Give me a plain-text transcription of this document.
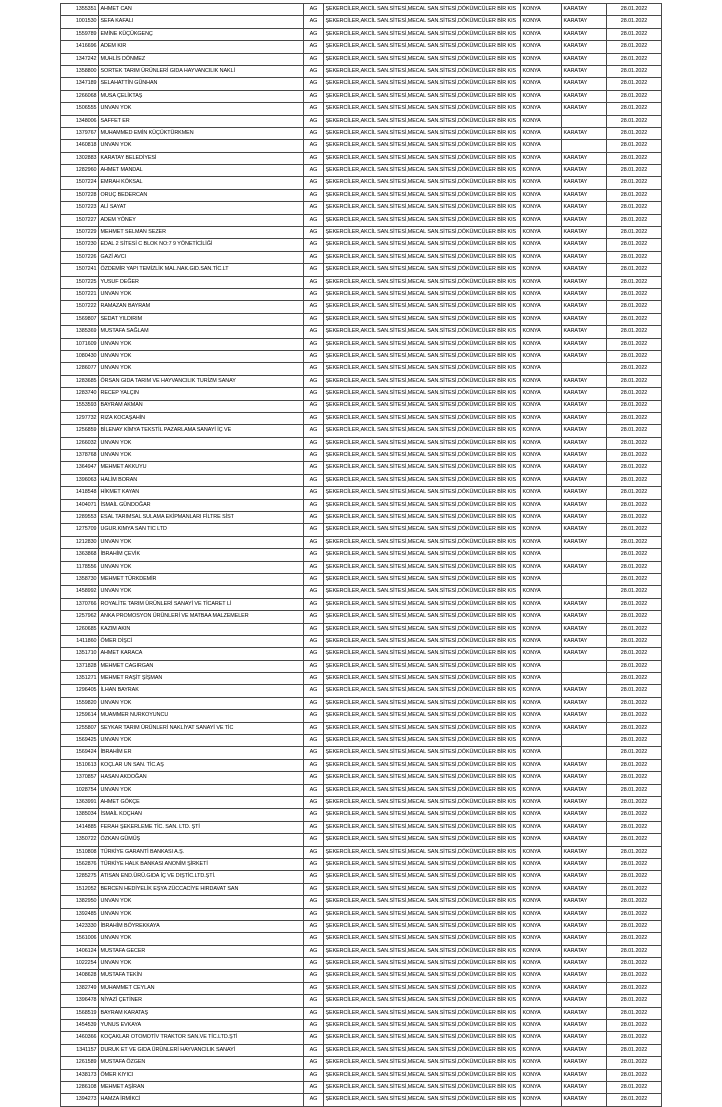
1355351	AHMET CAN	AG	ŞEKERCİLER,AKCİL SAN.SİTESİ,MECAL SAN.SİTESİ,DÖKÜMCÜLER BİR KIS	KONYA	KARATAY	28.01.2022
1001530	SEFA KAFALI	AG	ŞEKERCİLER,AKCİL SAN.SİTESİ,MECAL SAN.SİTESİ,DÖKÜMCÜLER BİR KIS	KONYA	KARATAY	28.01.2022
1559789	EMİNE KÜÇÜKGENÇ	AG	ŞEKERCİLER,AKCİL SAN.SİTESİ,MECAL SAN.SİTESİ,DÖKÜMCÜLER BİR KIS	KONYA	KARATAY	28.01.2022
1416696	ADEM KIR	AG	ŞEKERCİLER,AKCİL SAN.SİTESİ,MECAL SAN.SİTESİ,DÖKÜMCÜLER BİR KIS	KONYA	KARATAY	28.01.2022
1347242	MUHLİS DÖNMEZ	AG	ŞEKERCİLER,AKCİL SAN.SİTESİ,MECAL SAN.SİTESİ,DÖKÜMCÜLER BİR KIS	KONYA	KARATAY	28.01.2022
1358800	SORTEK TARIM ÜRÜNLERİ GIDA HAYVANCILIK NAKLİ	AG	ŞEKERCİLER,AKCİL SAN.SİTESİ,MECAL SAN.SİTESİ,DÖKÜMCÜLER BİR KIS	KONYA	KARATAY	28.01.2022
1347189	SELAHATTİN GÜNHAN	AG	ŞEKERCİLER,AKCİL SAN.SİTESİ,MECAL SAN.SİTESİ,DÖKÜMCÜLER BİR KIS	KONYA	KARATAY	28.01.2022
1266068	MUSA ÇELİKTAŞ	AG	ŞEKERCİLER,AKCİL SAN.SİTESİ,MECAL SAN.SİTESİ,DÖKÜMCÜLER BİR KIS	KONYA	KARATAY	28.01.2022
1506555	UNVAN YOK	AG	ŞEKERCİLER,AKCİL SAN.SİTESİ,MECAL SAN.SİTESİ,DÖKÜMCÜLER BİR KIS	KONYA	KARATAY	28.01.2022
1348006	SAFFET ER	AG	ŞEKERCİLER,AKCİL SAN.SİTESİ,MECAL SAN.SİTESİ,DÖKÜMCÜLER BİR KIS	KONYA		28.01.2022
1379767	MUHAMMED EMİN KÜÇÜKTÜRKMEN	AG	ŞEKERCİLER,AKCİL SAN.SİTESİ,MECAL SAN.SİTESİ,DÖKÜMCÜLER BİR KIS	KONYA	KARATAY	28.01.2022
1460818	UNVAN YOK	AG	ŞEKERCİLER,AKCİL SAN.SİTESİ,MECAL SAN.SİTESİ,DÖKÜMCÜLER BİR KIS	KONYA		28.01.2022
1302883	KARATAY BELEDİYESİ	AG	ŞEKERCİLER,AKCİL SAN.SİTESİ,MECAL SAN.SİTESİ,DÖKÜMCÜLER BİR KIS	KONYA	KARATAY	28.01.2022
1282960	AHMET MANDAL	AG	ŞEKERCİLER,AKCİL SAN.SİTESİ,MECAL SAN.SİTESİ,DÖKÜMCÜLER BİR KIS	KONYA	KARATAY	28.01.2022
1507224	EMRAH KÖKSAL	AG	ŞEKERCİLER,AKCİL SAN.SİTESİ,MECAL SAN.SİTESİ,DÖKÜMCÜLER BİR KIS	KONYA	KARATAY	28.01.2022
1507228	ORUÇ BEDERCAN	AG	ŞEKERCİLER,AKCİL SAN.SİTESİ,MECAL SAN.SİTESİ,DÖKÜMCÜLER BİR KIS	KONYA	KARATAY	28.01.2022
1507223	ALİ SAYAT	AG	ŞEKERCİLER,AKCİL SAN.SİTESİ,MECAL SAN.SİTESİ,DÖKÜMCÜLER BİR KIS	KONYA	KARATAY	28.01.2022
1507227	ADEM YÖNEY	AG	ŞEKERCİLER,AKCİL SAN.SİTESİ,MECAL SAN.SİTESİ,DÖKÜMCÜLER BİR KIS	KONYA	KARATAY	28.01.2022
1507229	MEHMET SELMAN SEZER	AG	ŞEKERCİLER,AKCİL SAN.SİTESİ,MECAL SAN.SİTESİ,DÖKÜMCÜLER BİR KIS	KONYA	KARATAY	28.01.2022
1507230	EDAL 2 SİTESİ C BLOK NO:7 9 YÖNETİCİLİĞİ	AG	ŞEKERCİLER,AKCİL SAN.SİTESİ,MECAL SAN.SİTESİ,DÖKÜMCÜLER BİR KIS	KONYA	KARATAY	28.01.2022
1507226	GAZİ AVCI	AG	ŞEKERCİLER,AKCİL SAN.SİTESİ,MECAL SAN.SİTESİ,DÖKÜMCÜLER BİR KIS	KONYA	KARATAY	28.01.2022
1507241	ÖZDEMİR YAPI TEMİZLİK MAL.NAK.GID.SAN.TİC.LT	AG	ŞEKERCİLER,AKCİL SAN.SİTESİ,MECAL SAN.SİTESİ,DÖKÜMCÜLER BİR KIS	KONYA	KARATAY	28.01.2022
1507225	YUSUF DEĞER	AG	ŞEKERCİLER,AKCİL SAN.SİTESİ,MECAL SAN.SİTESİ,DÖKÜMCÜLER BİR KIS	KONYA	KARATAY	28.01.2022
1507221	UNVAN YOK	AG	ŞEKERCİLER,AKCİL SAN.SİTESİ,MECAL SAN.SİTESİ,DÖKÜMCÜLER BİR KIS	KONYA	KARATAY	28.01.2022
1507222	RAMAZAN BAYRAM	AG	ŞEKERCİLER,AKCİL SAN.SİTESİ,MECAL SAN.SİTESİ,DÖKÜMCÜLER BİR KIS	KONYA	KARATAY	28.01.2022
1569807	SEDAT YILDIRIM	AG	ŞEKERCİLER,AKCİL SAN.SİTESİ,MECAL SAN.SİTESİ,DÖKÜMCÜLER BİR KIS	KONYA	KARATAY	28.01.2022
1385369	MUSTAFA SAĞLAM	AG	ŞEKERCİLER,AKCİL SAN.SİTESİ,MECAL SAN.SİTESİ,DÖKÜMCÜLER BİR KIS	KONYA	KARATAY	28.01.2022
1071609	UNVAN YOK	AG	ŞEKERCİLER,AKCİL SAN.SİTESİ,MECAL SAN.SİTESİ,DÖKÜMCÜLER BİR KIS	KONYA	KARATAY	28.01.2022
1080430	UNVAN YOK	AG	ŞEKERCİLER,AKCİL SAN.SİTESİ,MECAL SAN.SİTESİ,DÖKÜMCÜLER BİR KIS	KONYA	KARATAY	28.01.2022
1286077	UNVAN YOK	AG	ŞEKERCİLER,AKCİL SAN.SİTESİ,MECAL SAN.SİTESİ,DÖKÜMCÜLER BİR KIS	KONYA		28.01.2022
1283685	ÖRSAN GIDA TARIM VE HAYVANCILIK TURİZM SANAY	AG	ŞEKERCİLER,AKCİL SAN.SİTESİ,MECAL SAN.SİTESİ,DÖKÜMCÜLER BİR KIS	KONYA	KARATAY	28.01.2022
1283740	RECEP YALÇIN	AG	ŞEKERCİLER,AKCİL SAN.SİTESİ,MECAL SAN.SİTESİ,DÖKÜMCÜLER BİR KIS	KONYA	KARATAY	28.01.2022
1553593	BAYRAM AKMAN	AG	ŞEKERCİLER,AKCİL SAN.SİTESİ,MECAL SAN.SİTESİ,DÖKÜMCÜLER BİR KIS	KONYA	KARATAY	28.01.2022
1297732	RIZA KOCAŞAHİN	AG	ŞEKERCİLER,AKCİL SAN.SİTESİ,MECAL SAN.SİTESİ,DÖKÜMCÜLER BİR KIS	KONYA	KARATAY	28.01.2022
1256859	BİLENAY KİMYA TEKSTİL PAZARLAMA SANAYİ İÇ VE	AG	ŞEKERCİLER,AKCİL SAN.SİTESİ,MECAL SAN.SİTESİ,DÖKÜMCÜLER BİR KIS	KONYA	KARATAY	28.01.2022
1266032	UNVAN YOK	AG	ŞEKERCİLER,AKCİL SAN.SİTESİ,MECAL SAN.SİTESİ,DÖKÜMCÜLER BİR KIS	KONYA	KARATAY	28.01.2022
1378768	UNVAN YOK	AG	ŞEKERCİLER,AKCİL SAN.SİTESİ,MECAL SAN.SİTESİ,DÖKÜMCÜLER BİR KIS	KONYA	KARATAY	28.01.2022
1364947	MEHMET AKKUYU	AG	ŞEKERCİLER,AKCİL SAN.SİTESİ,MECAL SAN.SİTESİ,DÖKÜMCÜLER BİR KIS	KONYA	KARATAY	28.01.2022
1396063	HALİM BORAN	AG	ŞEKERCİLER,AKCİL SAN.SİTESİ,MECAL SAN.SİTESİ,DÖKÜMCÜLER BİR KIS	KONYA	KARATAY	28.01.2022
1418548	HİKMET KAYAN	AG	ŞEKERCİLER,AKCİL SAN.SİTESİ,MECAL SAN.SİTESİ,DÖKÜMCÜLER BİR KIS	KONYA	KARATAY	28.01.2022
1404071	İSMAİL GÜNDOĞAR	AG	ŞEKERCİLER,AKCİL SAN.SİTESİ,MECAL SAN.SİTESİ,DÖKÜMCÜLER BİR KIS	KONYA	KARATAY	28.01.2022
1289553	ESAL TARIMSAL SULAMA EKİPMANLARI FİLTRE SİST	AG	ŞEKERCİLER,AKCİL SAN.SİTESİ,MECAL SAN.SİTESİ,DÖKÜMCÜLER BİR KIS	KONYA	KARATAY	28.01.2022
1275709	UGUR.KIMYA SAN TIC LTD	AG	ŞEKERCİLER,AKCİL SAN.SİTESİ,MECAL SAN.SİTESİ,DÖKÜMCÜLER BİR KIS	KONYA	KARATAY	28.01.2022
1212830	UNVAN YOK	AG	ŞEKERCİLER,AKCİL SAN.SİTESİ,MECAL SAN.SİTESİ,DÖKÜMCÜLER BİR KIS	KONYA	KARATAY	28.01.2022
1363868	İBRAHİM ÇEVİK	AG	ŞEKERCİLER,AKCİL SAN.SİTESİ,MECAL SAN.SİTESİ,DÖKÜMCÜLER BİR KIS	KONYA		28.01.2022
1178556	UNVAN YOK	AG	ŞEKERCİLER,AKCİL SAN.SİTESİ,MECAL SAN.SİTESİ,DÖKÜMCÜLER BİR KIS	KONYA	KARATAY	28.01.2022
1358730	MEHMET TÜRKDEMİR	AG	ŞEKERCİLER,AKCİL SAN.SİTESİ,MECAL SAN.SİTESİ,DÖKÜMCÜLER BİR KIS	KONYA		28.01.2022
1458992	UNVAN YOK	AG	ŞEKERCİLER,AKCİL SAN.SİTESİ,MECAL SAN.SİTESİ,DÖKÜMCÜLER BİR KIS	KONYA		28.01.2022
1370766	ROYALİTE TARIM ÜRÜNLERİ SANAYİ VE TİCARET Lİ	AG	ŞEKERCİLER,AKCİL SAN.SİTESİ,MECAL SAN.SİTESİ,DÖKÜMCÜLER BİR KIS	KONYA	KARATAY	28.01.2022
1257962	ANKA PROMOSYON ÜRÜNLERİ VE MATBAA MALZEMELER	AG	ŞEKERCİLER,AKCİL SAN.SİTESİ,MECAL SAN.SİTESİ,DÖKÜMCÜLER BİR KIS	KONYA	KARATAY	28.01.2022
1260685	KAZIM AKIN	AG	ŞEKERCİLER,AKCİL SAN.SİTESİ,MECAL SAN.SİTESİ,DÖKÜMCÜLER BİR KIS	KONYA	KARATAY	28.01.2022
1411860	ÖMER DİŞCİ	AG	ŞEKERCİLER,AKCİL SAN.SİTESİ,MECAL SAN.SİTESİ,DÖKÜMCÜLER BİR KIS	KONYA	KARATAY	28.01.2022
1351710	AHMET KARACA	AG	ŞEKERCİLER,AKCİL SAN.SİTESİ,MECAL SAN.SİTESİ,DÖKÜMCÜLER BİR KIS	KONYA	KARATAY	28.01.2022
1371828	MEHMET CAGIRGAN	AG	ŞEKERCİLER,AKCİL SAN.SİTESİ,MECAL SAN.SİTESİ,DÖKÜMCÜLER BİR KIS	KONYA		28.01.2022
1351271	MEHMET RAŞİT ŞİŞMAN	AG	ŞEKERCİLER,AKCİL SAN.SİTESİ,MECAL SAN.SİTESİ,DÖKÜMCÜLER BİR KIS	KONYA		28.01.2022
1296405	İLHAN BAYRAK	AG	ŞEKERCİLER,AKCİL SAN.SİTESİ,MECAL SAN.SİTESİ,DÖKÜMCÜLER BİR KIS	KONYA	KARATAY	28.01.2022
1559820	UNVAN YOK	AG	ŞEKERCİLER,AKCİL SAN.SİTESİ,MECAL SAN.SİTESİ,DÖKÜMCÜLER BİR KIS	KONYA	KARATAY	28.01.2022
1259614	MUAMMER NURKOYUNCU	AG	ŞEKERCİLER,AKCİL SAN.SİTESİ,MECAL SAN.SİTESİ,DÖKÜMCÜLER BİR KIS	KONYA	KARATAY	28.01.2022
1255807	SEYKAR TARIM ÜRÜNLERİ NAKLİYAT SANAYİ VE TİC	AG	ŞEKERCİLER,AKCİL SAN.SİTESİ,MECAL SAN.SİTESİ,DÖKÜMCÜLER BİR KIS	KONYA	KARATAY	28.01.2022
1569425	UNVAN YOK	AG	ŞEKERCİLER,AKCİL SAN.SİTESİ,MECAL SAN.SİTESİ,DÖKÜMCÜLER BİR KIS	KONYA		28.01.2022
1569424	İBRAHİM ER	AG	ŞEKERCİLER,AKCİL SAN.SİTESİ,MECAL SAN.SİTESİ,DÖKÜMCÜLER BİR KIS	KONYA		28.01.2022
1510613	KOÇLAR UN SAN. TİC.AŞ	AG	ŞEKERCİLER,AKCİL SAN.SİTESİ,MECAL SAN.SİTESİ,DÖKÜMCÜLER BİR KIS	KONYA	KARATAY	28.01.2022
1370857	HASAN AKDOĞAN	AG	ŞEKERCİLER,AKCİL SAN.SİTESİ,MECAL SAN.SİTESİ,DÖKÜMCÜLER BİR KIS	KONYA	KARATAY	28.01.2022
1028754	UNVAN YOK	AG	ŞEKERCİLER,AKCİL SAN.SİTESİ,MECAL SAN.SİTESİ,DÖKÜMCÜLER BİR KIS	KONYA	KARATAY	28.01.2022
1363991	AHMET GÖKÇE	AG	ŞEKERCİLER,AKCİL SAN.SİTESİ,MECAL SAN.SİTESİ,DÖKÜMCÜLER BİR KIS	KONYA	KARATAY	28.01.2022
1385034	İSMAİL KOÇHAN	AG	ŞEKERCİLER,AKCİL SAN.SİTESİ,MECAL SAN.SİTESİ,DÖKÜMCÜLER BİR KIS	KONYA	KARATAY	28.01.2022
1414885	FERAH ŞEKERLEME TİC. SAN. LTD. ŞTİ	AG	ŞEKERCİLER,AKCİL SAN.SİTESİ,MECAL SAN.SİTESİ,DÖKÜMCÜLER BİR KIS	KONYA	KARATAY	28.01.2022
1350722	ÖZKAN GÜMÜŞ	AG	ŞEKERCİLER,AKCİL SAN.SİTESİ,MECAL SAN.SİTESİ,DÖKÜMCÜLER BİR KIS	KONYA	KARATAY	28.01.2022
1510808	TÜRKİYE GARANTİ BANKASI A.Ş.	AG	ŞEKERCİLER,AKCİL SAN.SİTESİ,MECAL SAN.SİTESİ,DÖKÜMCÜLER BİR KIS	KONYA	KARATAY	28.01.2022
1562876	TÜRKİYE HALK BANKASI ANONİM ŞİRKETİ	AG	ŞEKERCİLER,AKCİL SAN.SİTESİ,MECAL SAN.SİTESİ,DÖKÜMCÜLER BİR KIS	KONYA	KARATAY	28.01.2022
1285275	ATISAN END.ÜRÜ.GIDA İÇ VE DIŞTİC.LTD.ŞTİ.	AG	ŞEKERCİLER,AKCİL SAN.SİTESİ,MECAL SAN.SİTESİ,DÖKÜMCÜLER BİR KIS	KONYA	KARATAY	28.01.2022
1512052	BERCEN HEDİYELİK EŞYA ZÜCCACİYE HIRDAVAT SAN	AG	ŞEKERCİLER,AKCİL SAN.SİTESİ,MECAL SAN.SİTESİ,DÖKÜMCÜLER BİR KIS	KONYA	KARATAY	28.01.2022
1382950	UNVAN YOK	AG	ŞEKERCİLER,AKCİL SAN.SİTESİ,MECAL SAN.SİTESİ,DÖKÜMCÜLER BİR KIS	KONYA	KARATAY	28.01.2022
1392485	UNVAN YOK	AG	ŞEKERCİLER,AKCİL SAN.SİTESİ,MECAL SAN.SİTESİ,DÖKÜMCÜLER BİR KIS	KONYA	KARATAY	28.01.2022
1423330	İBRAHİM BÖYREKKAYA	AG	ŞEKERCİLER,AKCİL SAN.SİTESİ,MECAL SAN.SİTESİ,DÖKÜMCÜLER BİR KIS	KONYA	KARATAY	28.01.2022
1561006	UNVAN YOK	AG	ŞEKERCİLER,AKCİL SAN.SİTESİ,MECAL SAN.SİTESİ,DÖKÜMCÜLER BİR KIS	KONYA	KARATAY	28.01.2022
1406124	MUSTAFA GECER	AG	ŞEKERCİLER,AKCİL SAN.SİTESİ,MECAL SAN.SİTESİ,DÖKÜMCÜLER BİR KIS	KONYA	KARATAY	28.01.2022
1022254	UNVAN YOK	AG	ŞEKERCİLER,AKCİL SAN.SİTESİ,MECAL SAN.SİTESİ,DÖKÜMCÜLER BİR KIS	KONYA	KARATAY	28.01.2022
1408628	MUSTAFA TEKİN	AG	ŞEKERCİLER,AKCİL SAN.SİTESİ,MECAL SAN.SİTESİ,DÖKÜMCÜLER BİR KIS	KONYA	KARATAY	28.01.2022
1382749	MUHAMMET CEYLAN	AG	ŞEKERCİLER,AKCİL SAN.SİTESİ,MECAL SAN.SİTESİ,DÖKÜMCÜLER BİR KIS	KONYA	KARATAY	28.01.2022
1396478	NİYAZİ ÇETİNER	AG	ŞEKERCİLER,AKCİL SAN.SİTESİ,MECAL SAN.SİTESİ,DÖKÜMCÜLER BİR KIS	KONYA	KARATAY	28.01.2022
1568519	BAYRAM KARATAŞ	AG	ŞEKERCİLER,AKCİL SAN.SİTESİ,MECAL SAN.SİTESİ,DÖKÜMCÜLER BİR KIS	KONYA	KARATAY	28.01.2022
1454539	YUNUS EVKAYA	AG	ŞEKERCİLER,AKCİL SAN.SİTESİ,MECAL SAN.SİTESİ,DÖKÜMCÜLER BİR KIS	KONYA	KARATAY	28.01.2022
1460366	KOÇAKLAR OTOMOTİV TRAKTOR SAN.VE TİC.LTD.ŞTİ	AG	ŞEKERCİLER,AKCİL SAN.SİTESİ,MECAL SAN.SİTESİ,DÖKÜMCÜLER BİR KIS	KONYA	KARATAY	28.01.2022
1341157	DURUK ET VE GIDA ÜRÜNLERİ HAYVANCILIK SANAYİ	AG	ŞEKERCİLER,AKCİL SAN.SİTESİ,MECAL SAN.SİTESİ,DÖKÜMCÜLER BİR KIS	KONYA	KARATAY	28.01.2022
1261589	MUSTAFA ÖZGEN	AG	ŞEKERCİLER,AKCİL SAN.SİTESİ,MECAL SAN.SİTESİ,DÖKÜMCÜLER BİR KIS	KONYA	KARATAY	28.01.2022
1438173	ÖMER KIYICI	AG	ŞEKERCİLER,AKCİL SAN.SİTESİ,MECAL SAN.SİTESİ,DÖKÜMCÜLER BİR KIS	KONYA	KARATAY	28.01.2022
1286108	MEHMET AŞİRAN	AG	ŞEKERCİLER,AKCİL SAN.SİTESİ,MECAL SAN.SİTESİ,DÖKÜMCÜLER BİR KIS	KONYA	KARATAY	28.01.2022
1394273	HAMZA İRMİKCİ	AG	ŞEKERCİLER,AKCİL SAN.SİTESİ,MECAL SAN.SİTESİ,DÖKÜMCÜLER BİR KIS	KONYA	KARATAY	28.01.2022
